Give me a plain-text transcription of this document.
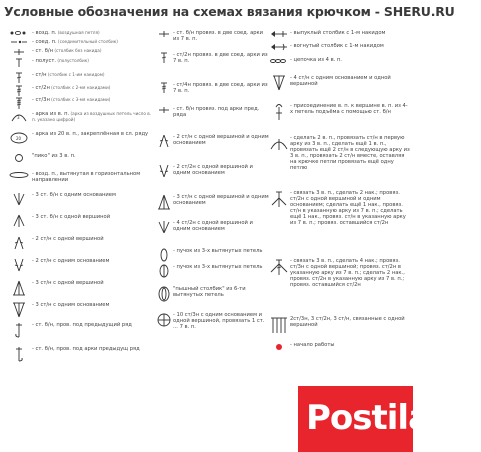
Условные обозначения на схемах вязания крючком - SHERU.RU
- возд. п. (воздушная петля)
- соед. п. (соединительный столбик)
- ст. б/н (столбик без накида)
- полуст. (полустолбик)
- ст/н (столбик с 1-им накидом)
- ст/2н (столбик с 2-мя накидами)
- ст/3н (столбик с 3-мя накидами)
3
- арка из в. п. (арка из воздушных петель число в. п. указано цифрой)
20
- арка из 20 в. п., закреплённая в сл. ряду
"пико" из 3 в. п.
- возд. п., вытянутая в горизонтальном направлении
- 3 ст. б/н с одним основанием
- 3 ст. б/н с одной вершиной
- 2 ст/н с одной вершиной
- 2 ст/н с одним основанием
- 3 ст/н с одной вершиной
- 3 ст/н с одним основанием
- ст. б/н, пров. под предыдущий ряд
- ст. б/н, пров. под арки предыдущ ряд
- ст. б/н провяз. в две соед. арки из 7 в. п.
- ст/2н провяз. в две соед. арки из 7 в. п.
- ст/4н провяз. в две соед. арки из 7 в. п.
- ст. б/н провяз. под арки пред. ряда
- 2 ст/н с одной вершиной и одним основанием
- 2 ст/2н с одной вершиной и одним основанием
- 3 ст/н с одной вершиной и одним основанием
- 4 ст/2н с одной вершиной и одним основанием
- пучок из 3-х вытянутых петель
- пучок из 3-х вытянутых петель
"пышный столбик" из 6-ти вытянутых петель
- 10 ст/3н с одним основанием и одной вершиной, провязать 1 ст. ... 7 в. п.
- выпуклый столбик с 1-м накидом
- вогнутый столбик с 1-м накидом
- цепочка из 4 в. п.
- 4 ст/н с одним основанием и одной вершиной
- присоединение в. п. к вершине в. п. из 4-х петель подъёма с помощью ст. б/н
- сделать 2 в. п., провязать ст/н в первую арку из 3 в. п., сделать ещё 1 в. п., провязать ещё 2 ст/н в следующую арку из 3 в. п., провязать 2 ст/н вместе, оставляя на крючке петли провязать ещё одну петлю
- связать 3 в. п., сделать 2 нак.; провяз. ст/2н с одной вершиной и одним основанием; сделать ещё 1 нак., провяз. ст/н в указанную арку из 7 в. п.; сделать ещё 1 нак., провяз. ст/н в указанную арку из 7 в. п.; провяз. оставшийся ст/2н
- связать 3 в. п., сделать 4 нак.; провяз. ст/3н с одной вершиной; провяз. ст/2н в указанную арку из 7 в. п.; сделать 2 нак., провяз. ст/2н в указанную арку из 7 в. п.; провяз. оставшийся ст/2н
2ст/3н, 3 ст/2н, 3 ст/н, связанные с одной вершиной
- начало работы
Postila.ru
